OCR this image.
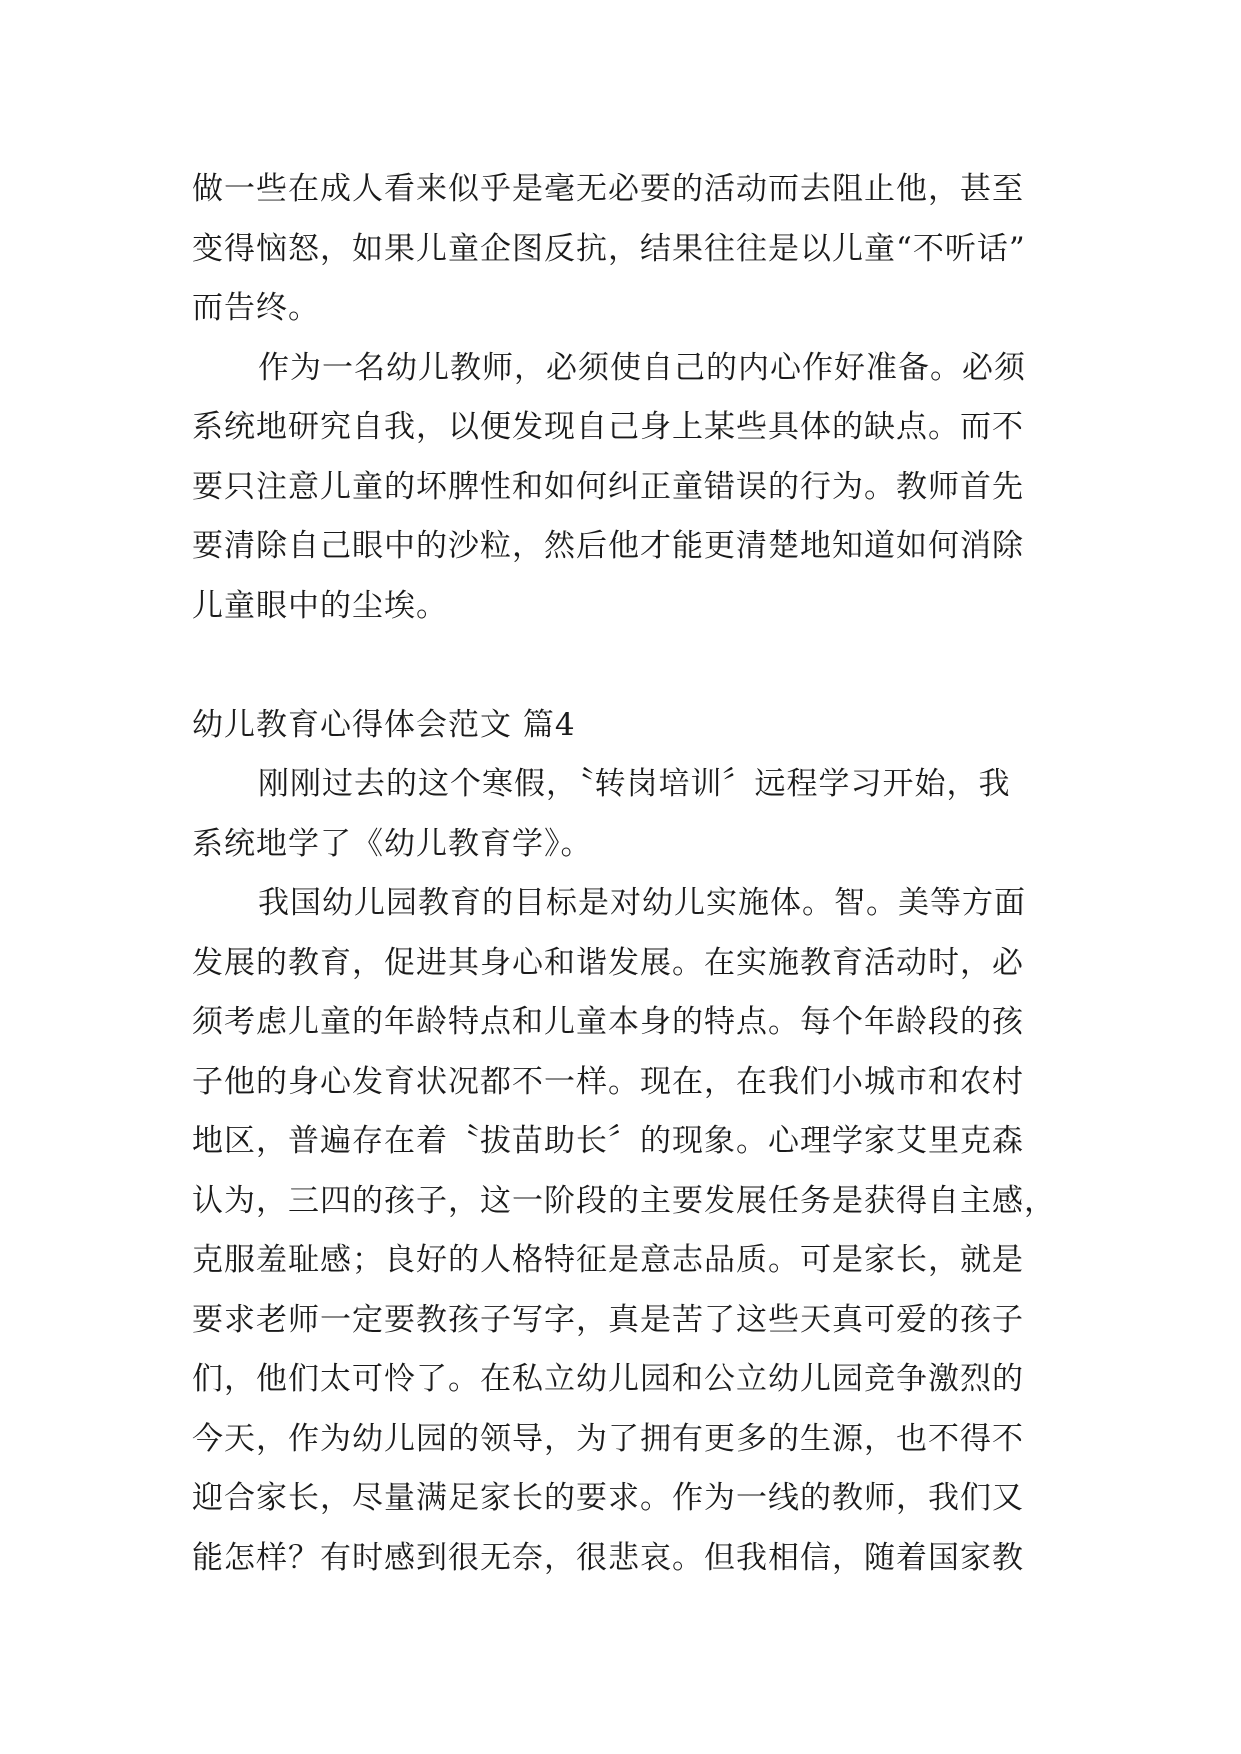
做一些在成人看来似乎是毫无必要的活动而去阻止他，甚至
变得恼怒，如果儿童企图反抗，结果往往是以儿童“不听话”
而告终。
作为一名幼儿教师，必须使自己的内心作好准备。必须
系统地研究自我，以便发现自己身上某些具体的缺点。而不
要只注意儿童的坏脾性和如何纠正童错误的行为。教师首先
要清除自己眼中的沙粒，然后他才能更清楚地知道如何消除
儿童眼中的尘埃。
幼儿教育心得体会范文 篇4
刚刚过去的这个寒假，〝转岗培训〞远程学习开始，我
系统地学了《幼儿教育学》。
我国幼儿园教育的目标是对幼儿实施体。智。美等方面
发展的教育，促进其身心和谐发展。在实施教育活动时，必
须考虑儿童的年龄特点和儿童本身的特点。每个年龄段的孩
子他的身心发育状况都不一样。现在，在我们小城市和农村
地区，普遍存在着〝拔苗助长〞的现象。心理学家艾里克森
认为，三四的孩子，这一阶段的主要发展任务是获得自主感，
克服羞耻感；良好的人格特征是意志品质。可是家长，就是
要求老师一定要教孩子写字，真是苦了这些天真可爱的孩子
们，他们太可怜了。在私立幼儿园和公立幼儿园竞争激烈的
今天，作为幼儿园的领导，为了拥有更多的生源，也不得不
迎合家长，尽量满足家长的要求。作为一线的教师，我们又
能怎样？有时感到很无奈，很悲哀。但我相信，随着国家教
